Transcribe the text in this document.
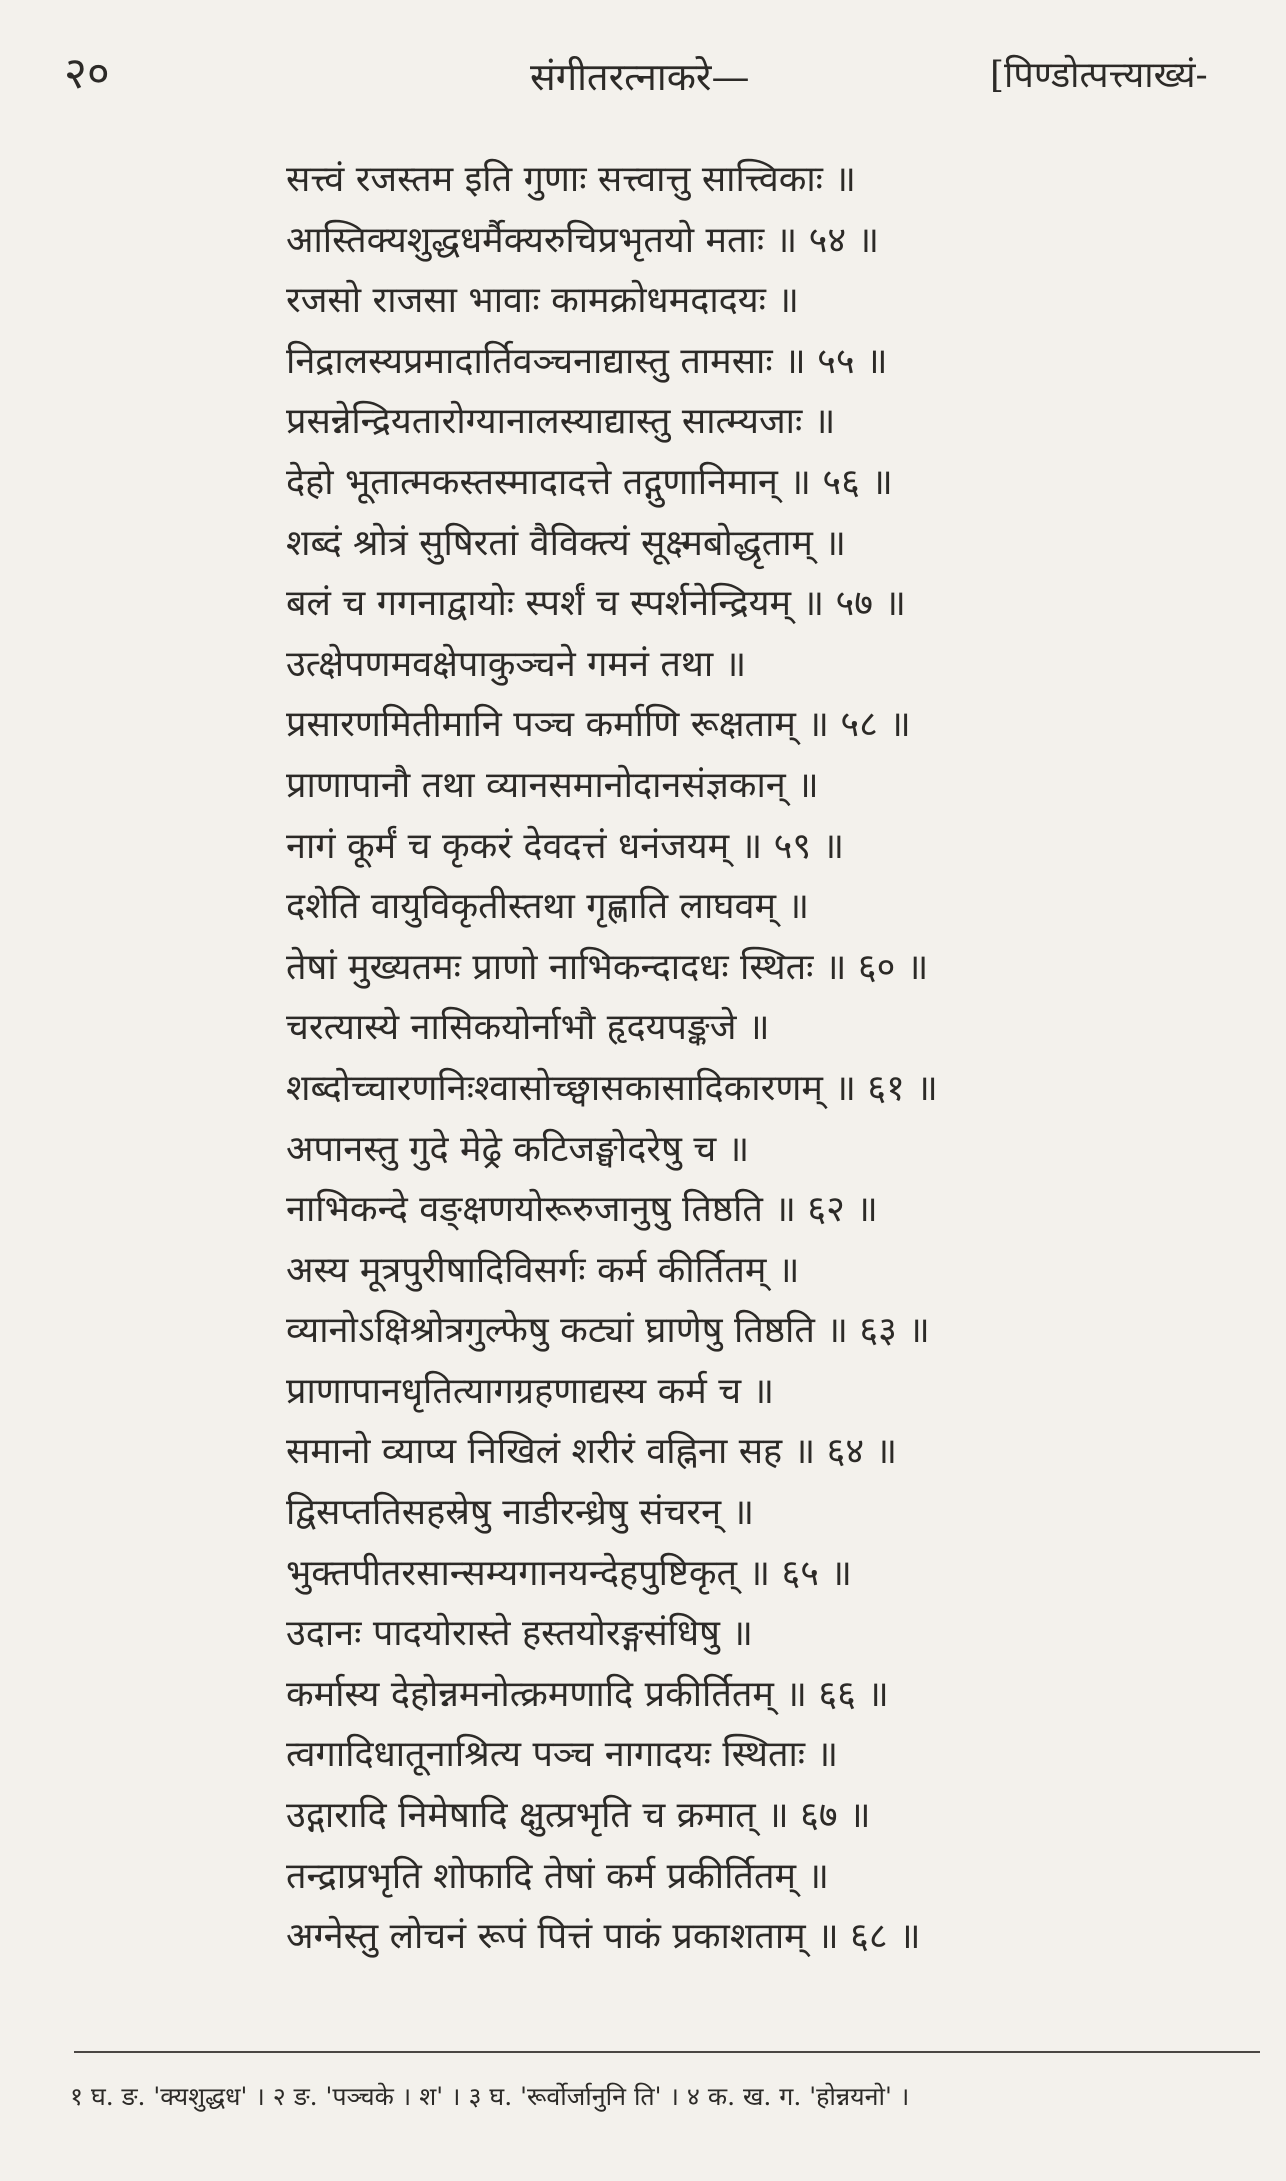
२०	संगीतरत्नाकरे—	[पिण्डोत्पत्त्याख्यं-
सत्त्वं रजस्तम इति गुणाः सत्त्वात्तु सात्त्विकाः ॥
आस्तिक्यशुद्धधर्मैक्यरुचिप्रभृतयो मताः ॥ ५४ ॥
रजसो राजसा भावाः कामक्रोधमदादयः ॥
निद्रालस्यप्रमादार्तिवञ्चनाद्यास्तु तामसाः ॥ ५५ ॥
प्रसन्नेन्द्रियतारोग्यानालस्याद्यास्तु सात्म्यजाः ॥
देहो भूतात्मकस्तस्मादादत्ते तद्गुणानिमान् ॥ ५६ ॥
शब्दं श्रोत्रं सुषिरतां वैविक्त्यं सूक्ष्मबोद्धृताम् ॥
बलं च गगनाद्वायोः स्पर्शं च स्पर्शनेन्द्रियम् ॥ ५७ ॥
उत्क्षेपणमवक्षेपाकुञ्चने गमनं तथा ॥
प्रसारणमितीमानि पञ्च कर्माणि रूक्षताम् ॥ ५८ ॥
प्राणापानौ तथा व्यानसमानोदानसंज्ञकान् ॥
नागं कूर्मं च कृकरं देवदत्तं धनंजयम् ॥ ५९ ॥
दशेति वायुविकृतीस्तथा गृह्णाति लाघवम् ॥
तेषां मुख्यतमः प्राणो नाभिकन्दादधः स्थितः ॥ ६० ॥
चरत्यास्ये नासिकयोर्नाभौ हृदयपङ्कजे ॥
शब्दोच्चारणनिःश्वासोच्छ्वासकासादिकारणम् ॥ ६१ ॥
अपानस्तु गुदे मेढ्रे कटिजङ्घोदरेषु च ॥
नाभिकन्दे वङ्क्षणयोरूरुजानुषु तिष्ठति ॥ ६२ ॥
अस्य मूत्रपुरीषादिविसर्गः कर्म कीर्तितम् ॥
व्यानोऽक्षिश्रोत्रगुल्फेषु कट्यां घ्राणेषु तिष्ठति ॥ ६३ ॥
प्राणापानधृतित्यागग्रहणाद्यस्य कर्म च ॥
समानो व्याप्य निखिलं शरीरं वह्निना सह ॥ ६४ ॥
द्विसप्ततिसहस्रेषु नाडीरन्ध्रेषु संचरन् ॥
भुक्तपीतरसान्सम्यगानयन्देहपुष्टिकृत् ॥ ६५ ॥
उदानः पादयोरास्ते हस्तयोरङ्गसंधिषु ॥
कर्मास्य देहोन्नमनोत्क्रमणादि प्रकीर्तितम् ॥ ६६ ॥
त्वगादिधातूनाश्रित्य पञ्च नागादयः स्थिताः ॥
उद्गारादि निमेषादि क्षुत्प्रभृति च क्रमात् ॥ ६७ ॥
तन्द्राप्रभृति शोफादि तेषां कर्म प्रकीर्तितम् ॥
अग्नेस्तु लोचनं रूपं पित्तं पाकं प्रकाशताम् ॥ ६८ ॥
१ घ. ङ. 'क्यशुद्धध' । २ ङ. 'पञ्चके । श' । ३ घ. 'रूर्वोर्जानुनि ति' । ४ क. ख. ग. 'होन्नयनो' ।
